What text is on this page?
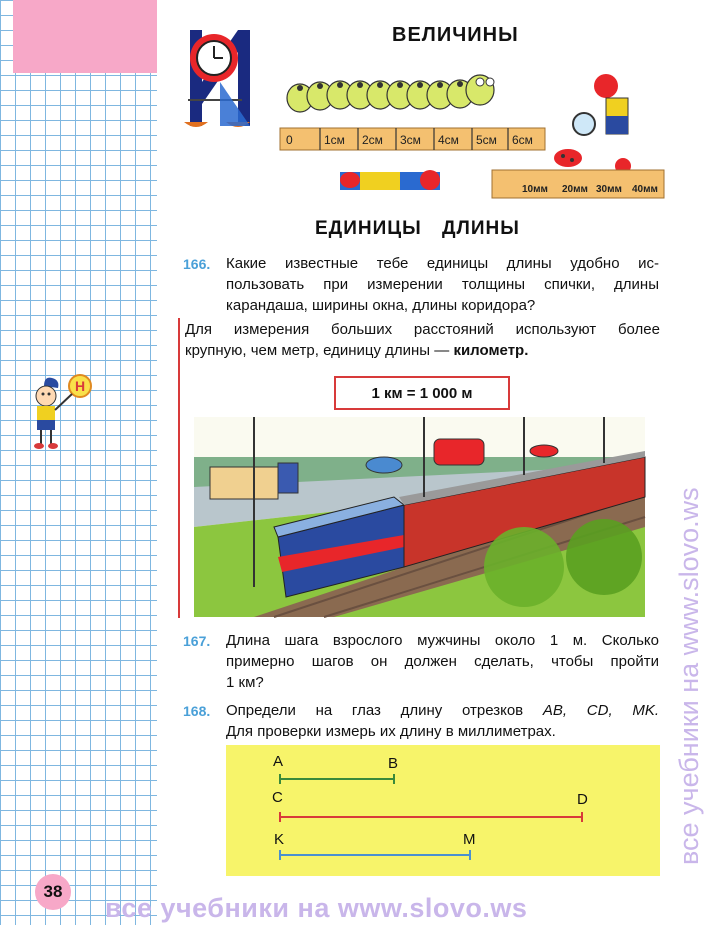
Н
38
ВЕЛИЧИНЫ
0	1см 2см 3см 4см 5см 6см
10мм 20мм 30мм 40мм
ЕДИНИЦЫ ДЛИНЫ
166. Какие известные тебе единицы длины удобно ис-
пользовать при измерении толщины спички, длины
карандаша, ширины окна, длины коридора?
Для измерения больших расстояний используют более
крупную, чем метр, единицу длины — километр.
1 км = 1 000 м
167. Длина шага взрослого мужчины около 1 м. Сколько
примерно шагов он должен сделать, чтобы пройти
1 км?
168. Определи на глаз длину отрезков AB, CD, MK.
Для проверки измерь их длину в миллиметрах.
A	B
C	D
K	M
все учебники на www.slovo.ws
все учебники на www.slovo.ws
